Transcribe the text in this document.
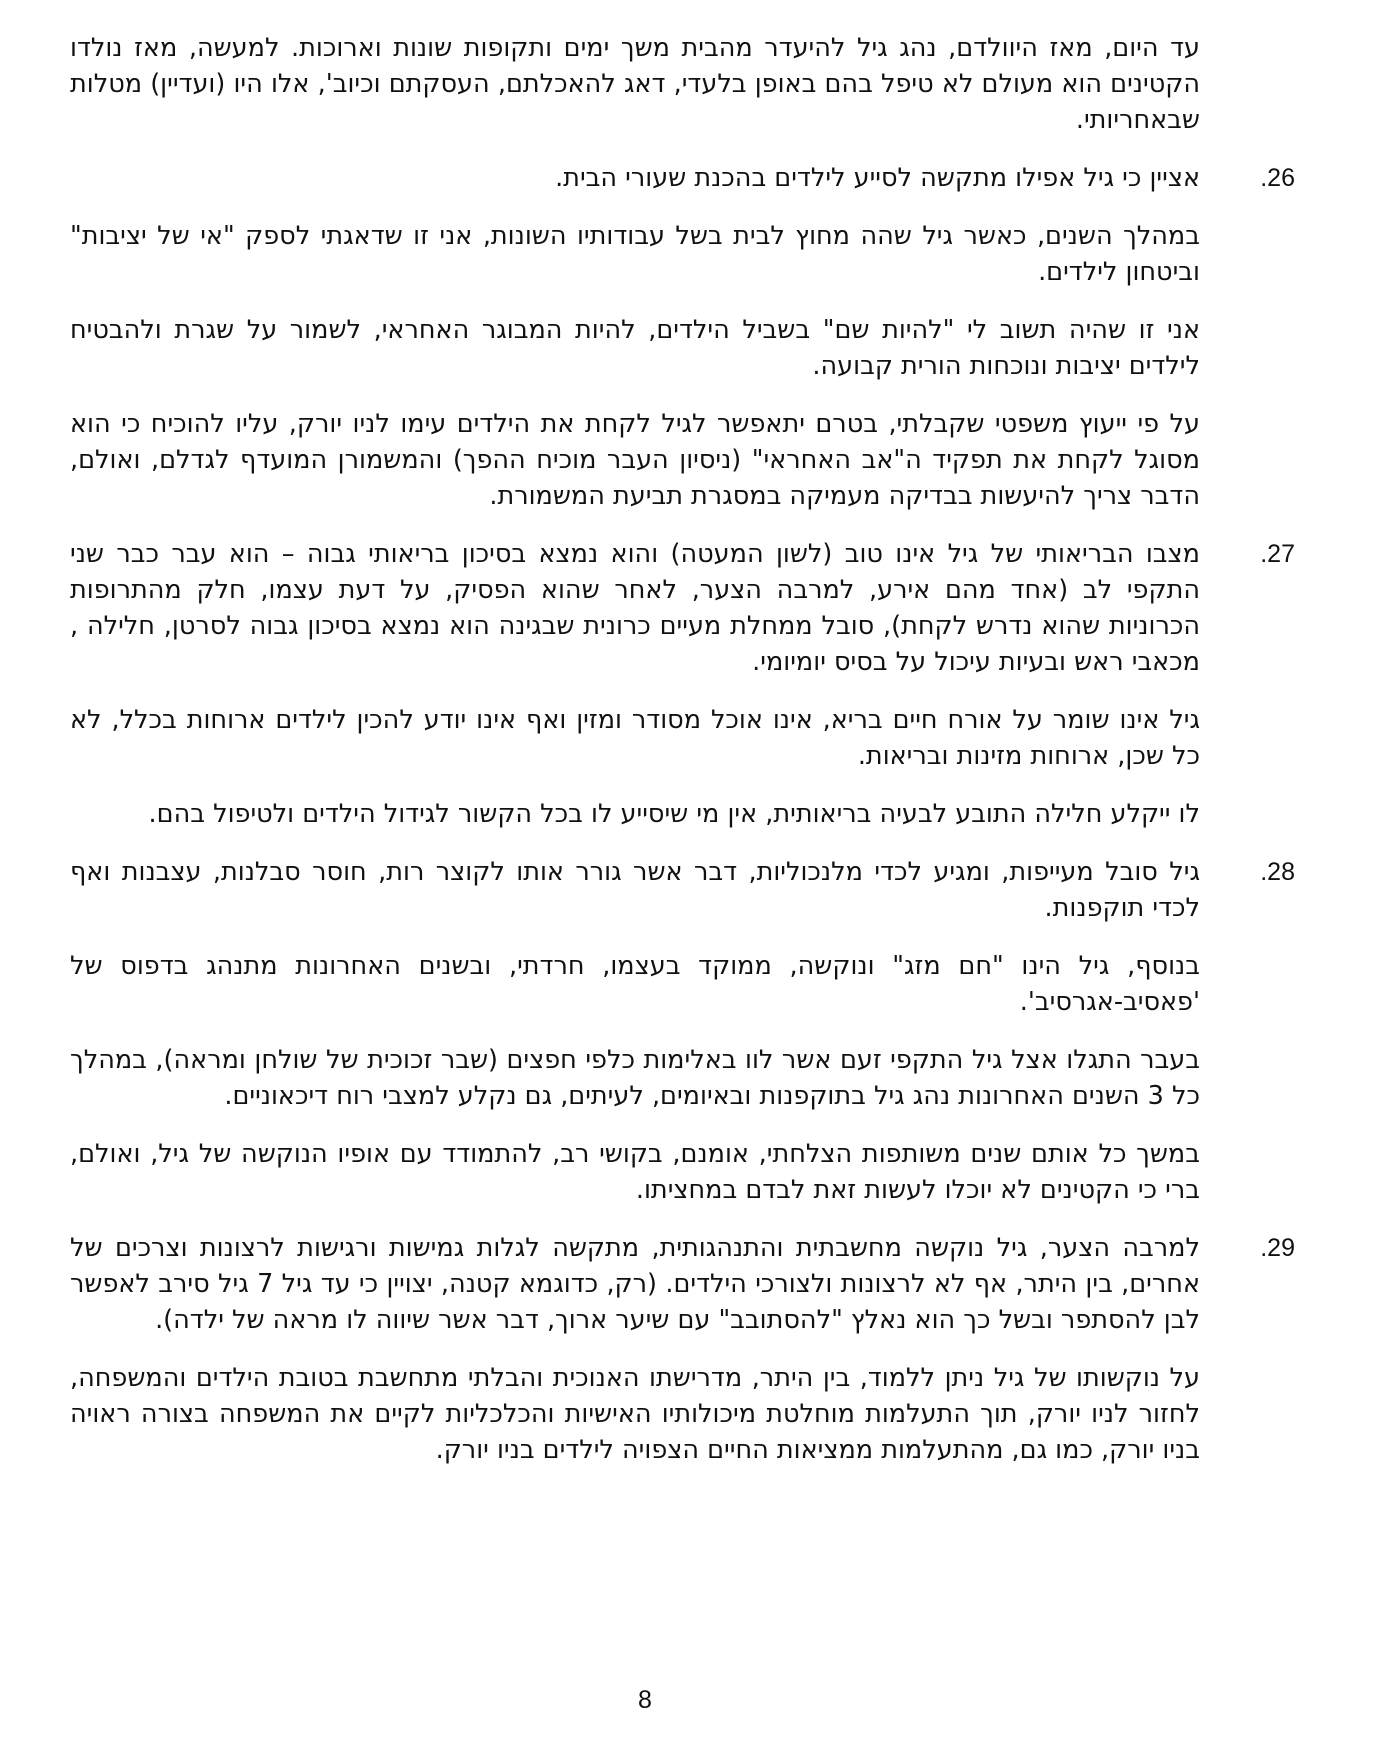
עד היום, מאז היוולדם, נהג גיל להיעדר מהבית משך ימים ותקופות שונות וארוכות. למעשה, מאז נולדו הקטינים הוא מעולם לא טיפל בהם באופן בלעדי, דאג להאכלתם, העסקתם וכיוב', אלו היו (ועדיין) מטלות שבאחריותי.

.26
אציין כי גיל אפילו מתקשה לסייע לילדים בהכנת שעורי הבית.

במהלך השנים, כאשר גיל שהה מחוץ לבית בשל עבודותיו השונות, אני זו שדאגתי לספק "אי של יציבות" וביטחון לילדים.

אני זו שהיה תשוב לי "להיות שם" בשביל הילדים, להיות המבוגר האחראי, לשמור על שגרת ולהבטיח לילדים יציבות ונוכחות הורית קבועה.

על פי ייעוץ משפטי שקבלתי, בטרם יתאפשר לגיל לקחת את הילדים עימו לניו יורק, עליו להוכיח כי הוא מסוגל לקחת את תפקיד ה"אב האחראי" (ניסיון העבר מוכיח ההפך) והמשמורן המועדף לגדלם, ואולם, הדבר צריך להיעשות בבדיקה מעמיקה במסגרת תביעת המשמורת.

.27
מצבו הבריאותי של גיל אינו טוב (לשון המעטה) והוא נמצא בסיכון בריאותי גבוה – הוא עבר כבר שני התקפי לב (אחד מהם אירע, למרבה הצער, לאחר שהוא הפסיק, על דעת עצמו, חלק מהתרופות הכרוניות שהוא נדרש לקחת), סובל ממחלת מעיים כרונית שבגינה הוא נמצא בסיכון גבוה לסרטן, חלילה , מכאבי ראש ובעיות עיכול על בסיס יומיומי.

גיל אינו שומר על אורח חיים בריא, אינו אוכל מסודר ומזין ואף אינו יודע להכין לילדים ארוחות בכלל, לא כל שכן, ארוחות מזינות ובריאות.

לו ייקלע חלילה התובע לבעיה בריאותית, אין מי שיסייע לו בכל הקשור לגידול הילדים ולטיפול בהם.

.28
גיל סובל מעייפות, ומגיע לכדי מלנכוליות, דבר אשר גורר אותו לקוצר רות, חוסר סבלנות, עצבנות ואף לכדי תוקפנות.

בנוסף, גיל הינו "חם מזג" ונוקשה, ממוקד בעצמו, חרדתי, ובשנים האחרונות מתנהג בדפוס של 'פאסיב-אגרסיב'.

בעבר התגלו אצל גיל התקפי זעם אשר לוו באלימות כלפי חפצים (שבר זכוכית של שולחן ומראה), במהלך כל 3 השנים האחרונות נהג גיל בתוקפנות ובאיומים, לעיתים, גם נקלע למצבי רוח דיכאוניים.

במשך כל אותם שנים משותפות הצלחתי, אומנם, בקושי רב, להתמודד עם אופיו הנוקשה של גיל, ואולם, ברי כי הקטינים לא יוכלו לעשות זאת לבדם במחציתו.

.29
למרבה הצער, גיל נוקשה מחשבתית והתנהגותית, מתקשה לגלות גמישות ורגישות לרצונות וצרכים של אחרים, בין היתר, אף לא לרצונות ולצורכי הילדים. (רק, כדוגמא קטנה, יצויין כי עד גיל 7 גיל סירב לאפשר לבן להסתפר ובשל כך הוא נאלץ "להסתובב" עם שיער ארוך, דבר אשר שיווה לו מראה של ילדה).

על נוקשותו של גיל ניתן ללמוד, בין היתר, מדרישתו האנוכית והבלתי מתחשבת בטובת הילדים והמשפחה, לחזור לניו יורק, תוך התעלמות מוחלטת מיכולותיו האישיות והכלכליות לקיים את המשפחה בצורה ראויה בניו יורק, כמו גם, מהתעלמות ממציאות החיים הצפויה לילדים בניו יורק.

8
